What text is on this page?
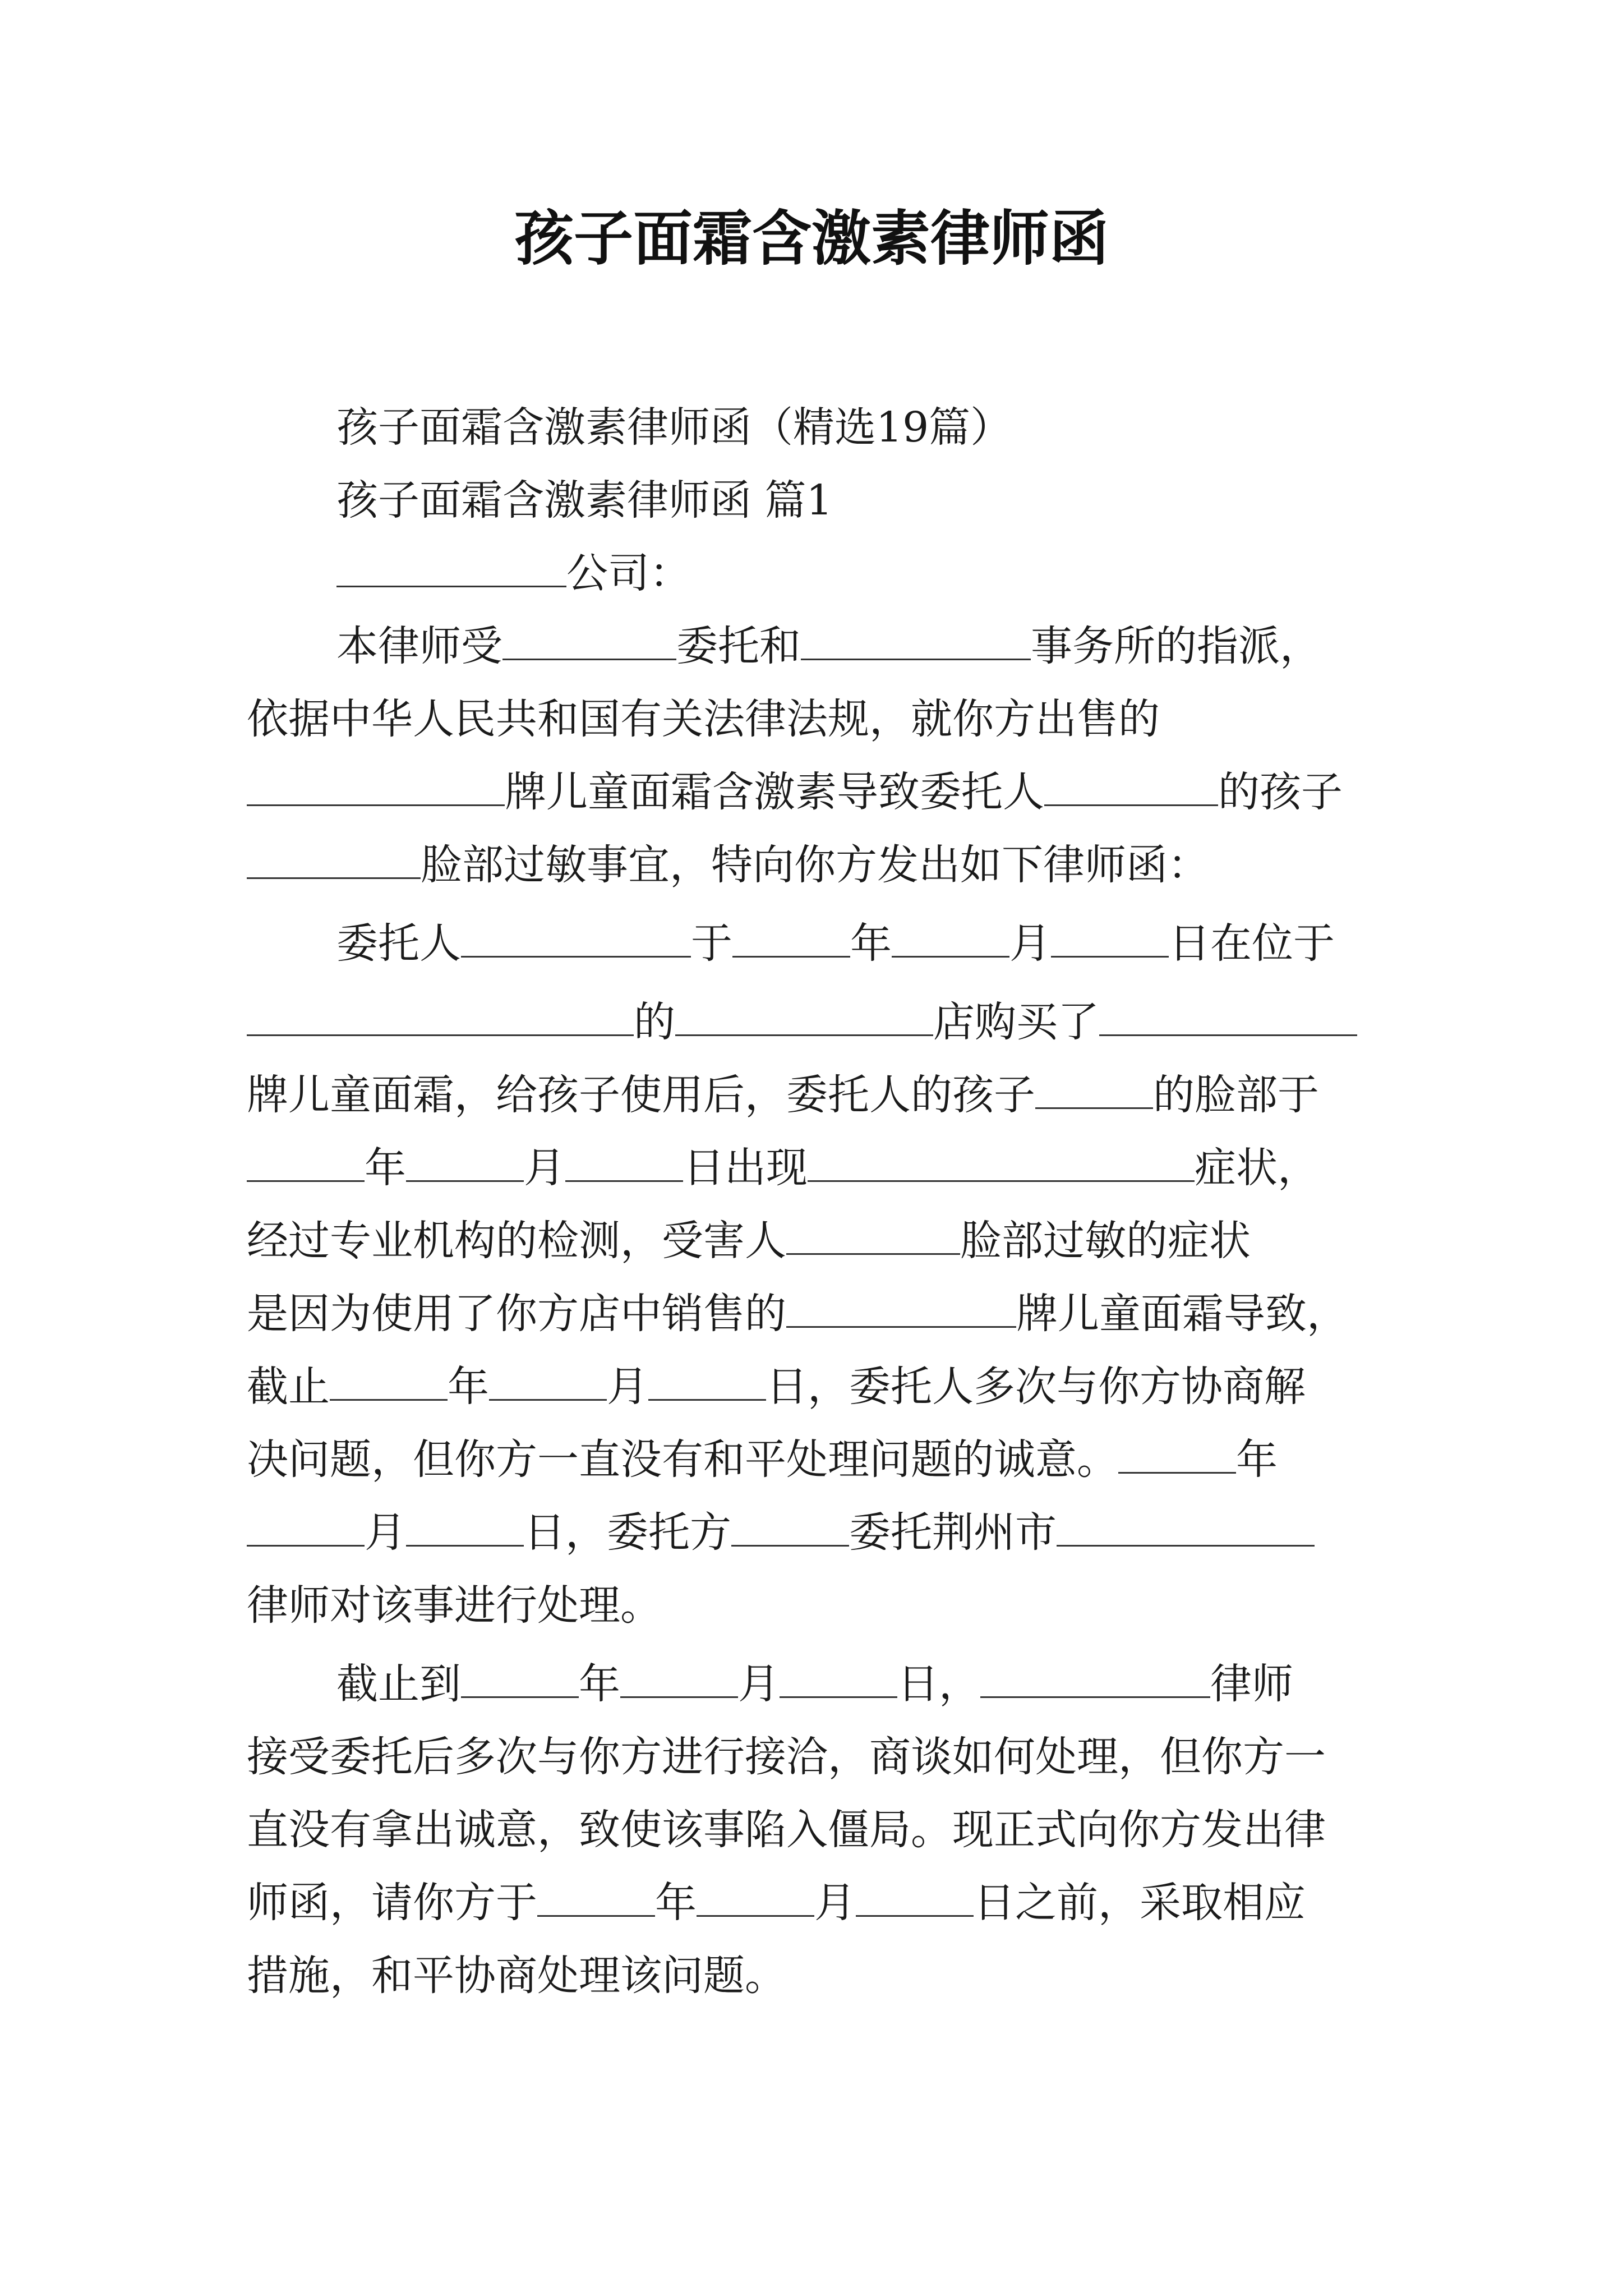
孩子面霜含激素律师函
孩子面霜含激素律师函（精选19篇）
孩子面霜含激素律师函 篇1
公司：
本律师受	委托和	事务所的指派，
依据中华人民共和国有关法律法规，就你方出售的
牌儿童面霜含激素导致委托人	的孩子
脸部过敏事宜，特向你方发出如下律师函：
委托人	于	年	月	日在位于
的	店购买了
牌儿童面霜，给孩子使用后，委托人的孩子	的脸部于
年	月	日出现	症状，
经过专业机构的检测，受害人	脸部过敏的症状
是因为使用了你方店中销售的	牌儿童面霜导致，
截止	年	月	日，委托人多次与你方协商解
决问题，但你方一直没有和平处理问题的诚意。	年
月	日，委托方	委托荆州市
律师对该事进行处理。
截止到	年	月	日，	律师
接受委托后多次与你方进行接洽，商谈如何处理，但你方一
直没有拿出诚意，致使该事陷入僵局。现正式向你方发出律
师函，请你方于	年	月	日之前，采取相应
措施，和平协商处理该问题。
